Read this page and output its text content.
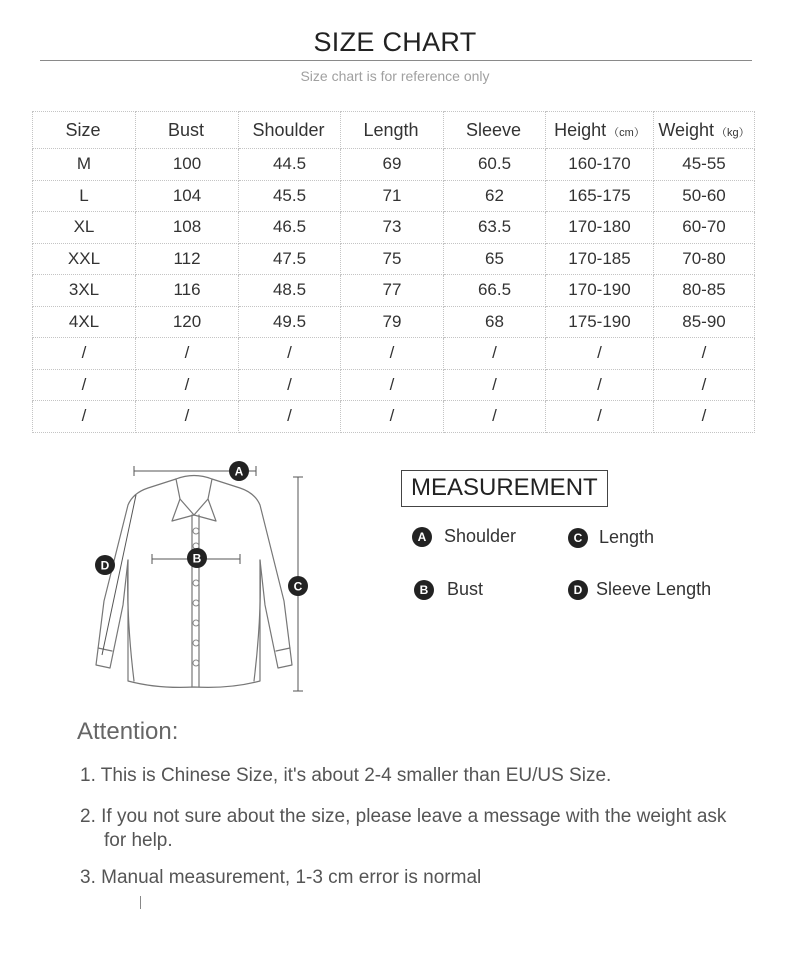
SIZE CHART
Size chart is for reference only
Size	Bust	Shoulder	Length	Sleeve	Height （cm）	Weight （kg）
M	100	44.5	69	60.5	160-170	45-55
L	104	45.5	71	62	165-175	50-60
XL	108	46.5	73	63.5	170-180	60-70
XXL	112	47.5	75	65	170-185	70-80
3XL	116	48.5	77	66.5	170-190	80-85
4XL	120	49.5	79	68	175-190	85-90
/	/	/	/	/	/	/
/	/	/	/	/	/	/
/	/	/	/	/	/	/
A
B
C
D
MEASUREMENT
A Shoulder	C Length
B	Bust	D Sleeve Length
Attention:
1. This is Chinese Size, it's about 2-4 smaller than EU/US Size.
2. If you not sure about the size, please leave a message with the weight ask for help.
3. Manual measurement, 1-3 cm error is normal
